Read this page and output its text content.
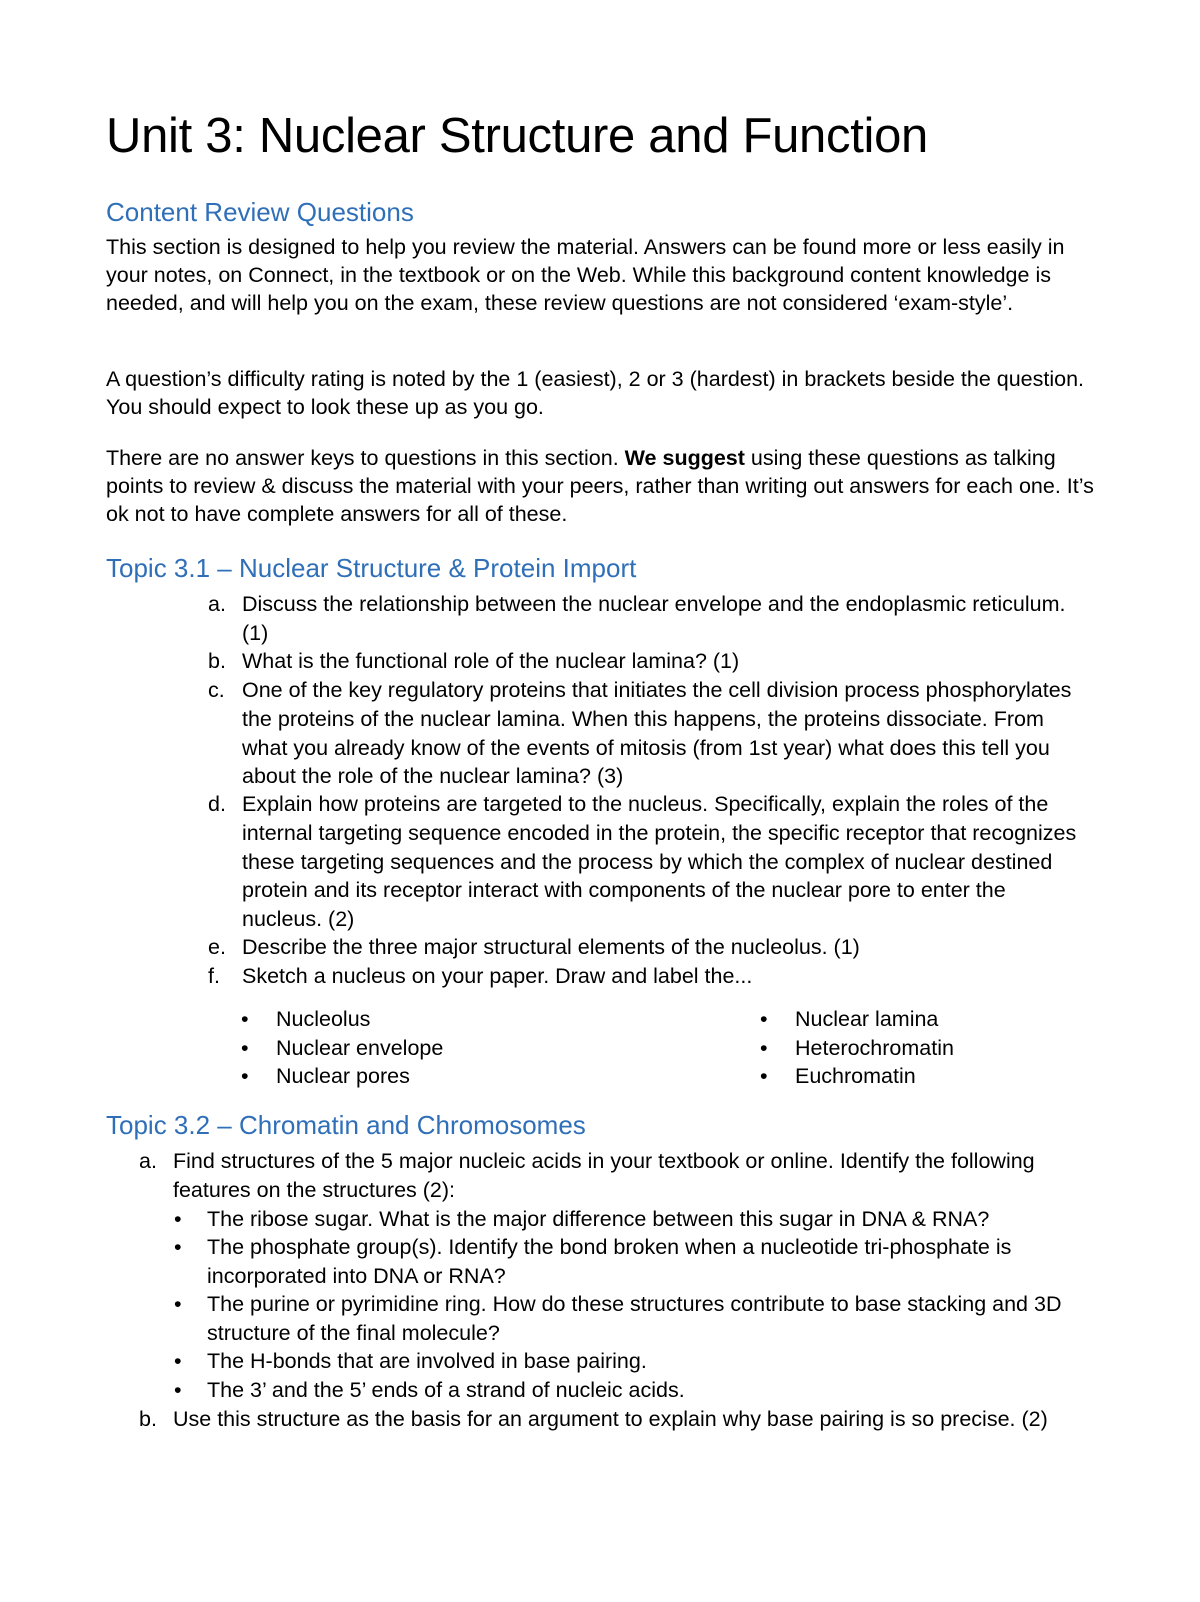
Unit 3: Nuclear Structure and Function
Content Review Questions

This section is designed to help you review the material. Answers can be found more or less easily in your notes, on Connect, in the textbook or on the Web. While this background content knowledge is needed, and will help you on the exam, these review questions are not considered ‘exam-style’.

A question’s difficulty rating is noted by the 1 (easiest), 2 or 3 (hardest) in brackets beside the question. You should expect to look these up as you go.

There are no answer keys to questions in this section. We suggest using these questions as talking points to review & discuss the material with your peers, rather than writing out answers for each one. It’s ok not to have complete answers for all of these.

Topic 3.1 – Nuclear Structure & Protein Import
a. Discuss the relationship between the nuclear envelope and the endoplasmic reticulum. (1)
b. What is the functional role of the nuclear lamina? (1)
c. One of the key regulatory proteins that initiates the cell division process phosphorylates the proteins of the nuclear lamina. When this happens, the proteins dissociate. From what you already know of the events of mitosis (from 1st year) what does this tell you about the role of the nuclear lamina? (3)
d. Explain how proteins are targeted to the nucleus. Specifically, explain the roles of the internal targeting sequence encoded in the protein, the specific receptor that recognizes these targeting sequences and the process by which the complex of nuclear destined protein and its receptor interact with components of the nuclear pore to enter the nucleus. (2)
e. Describe the three major structural elements of the nucleolus. (1)
f. Sketch a nucleus on your paper. Draw and label the...
• Nucleolus
• Nuclear envelope
• Nuclear pores
• Nuclear lamina
• Heterochromatin
• Euchromatin
Topic 3.2 – Chromatin and Chromosomes
a. Find structures of the 5 major nucleic acids in your textbook or online. Identify the following features on the structures (2):
• The ribose sugar. What is the major difference between this sugar in DNA & RNA?
• The phosphate group(s). Identify the bond broken when a nucleotide tri-phosphate is incorporated into DNA or RNA?
• The purine or pyrimidine ring. How do these structures contribute to base stacking and 3D structure of the final molecule?
• The H-bonds that are involved in base pairing.
• The 3’ and the 5’ ends of a strand of nucleic acids.
b. Use this structure as the basis for an argument to explain why base pairing is so precise. (2)
